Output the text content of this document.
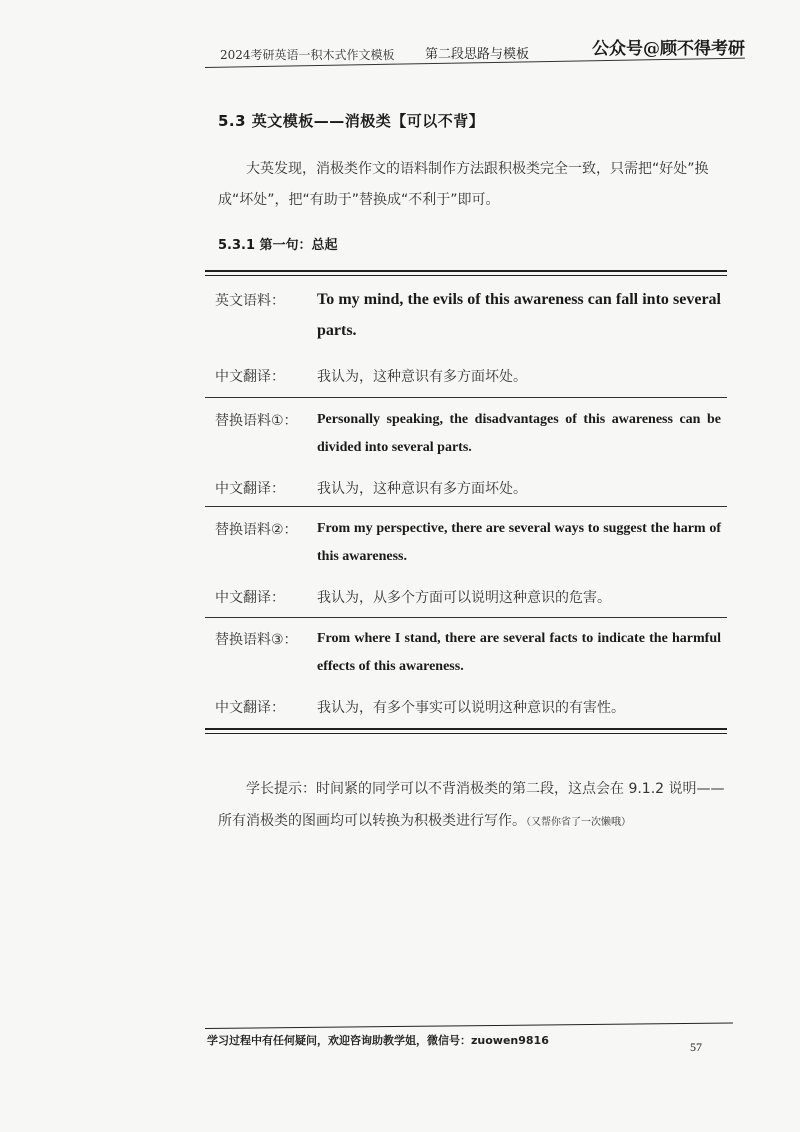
2024考研英语一积木式作文模板 第二段思路与模板	公众号@顾不得考研
5.3 英文模板——消极类【可以不背】
大英发现，消极类作文的语料制作方法跟积极类完全一致，只需把“好处”换成“坏处”，把“有助于”替换成“不利于”即可。
5.3.1 第一句：总起
英文语料： To my mind, the evils of this awareness can fall into several parts.
中文翻译： 我认为，这种意识有多方面坏处。
替换语料①： Personally speaking, the disadvantages of this awareness can be divided into several parts.
中文翻译： 我认为，这种意识有多方面坏处。
替换语料②： From my perspective, there are several ways to suggest the harm of this awareness.
中文翻译： 我认为，从多个方面可以说明这种意识的危害。
替换语料③： From where I stand, there are several facts to indicate the harmful effects of this awareness.
中文翻译： 我认为，有多个事实可以说明这种意识的有害性。
学长提示：时间紧的同学可以不背消极类的第二段，这点会在 9.1.2 说明——所有消极类的图画均可以转换为积极类进行写作。（又帮你省了一次懒哦）
学习过程中有任何疑问，欢迎咨询助教学姐，微信号：zuowen9816	57
